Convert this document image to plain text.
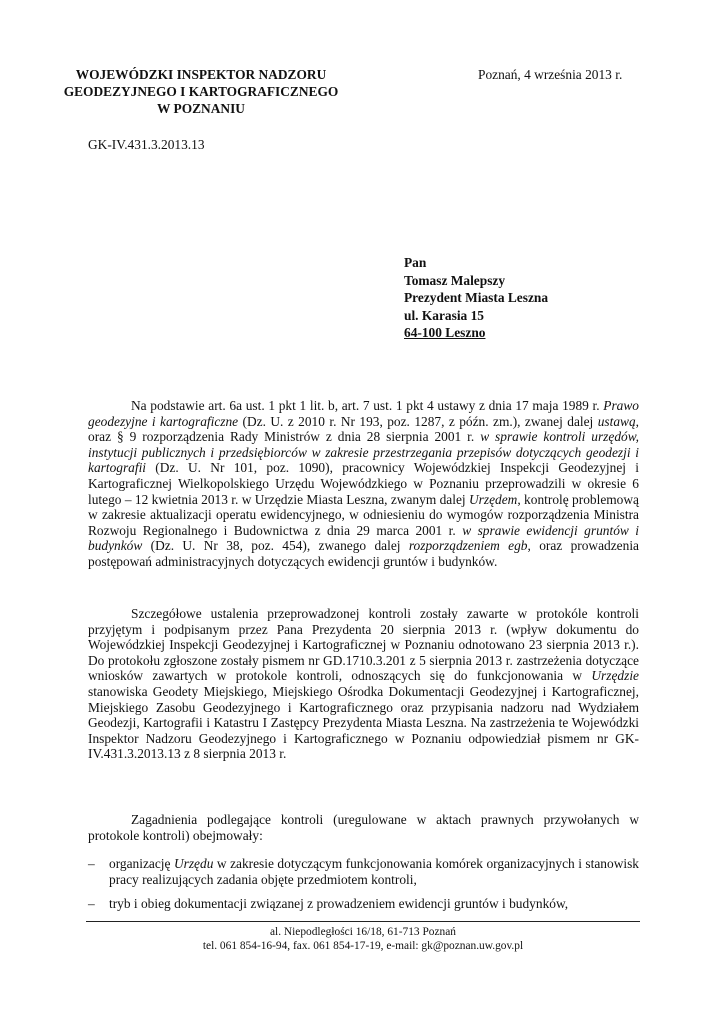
WOJEWÓDZKI INSPEKTOR NADZORU
GEODEZYJNEGO I KARTOGRAFICZNEGO
W POZNANIU
Poznań, 4 września 2013 r.
GK-IV.431.3.2013.13
Pan
Tomasz Malepszy
Prezydent Miasta Leszna
ul. Karasia 15
64-100 Leszno

Na podstawie art. 6a ust. 1 pkt 1 lit. b, art. 7 ust. 1 pkt 4 ustawy z dnia 17 maja 1989 r. Prawo geodezyjne i kartograficzne (Dz. U. z 2010 r. Nr 193, poz. 1287, z późn. zm.), zwanej dalej ustawą, oraz § 9 rozporządzenia Rady Ministrów z dnia 28 sierpnia 2001 r. w sprawie kontroli urzędów, instytucji publicznych i przedsiębiorców w zakresie przestrzegania przepisów dotyczących geodezji i kartografii (Dz. U. Nr 101, poz. 1090), pracownicy Wojewódzkiej Inspekcji Geodezyjnej i Kartograficznej Wielkopolskiego Urzędu Wojewódzkiego w Poznaniu przeprowadzili w okresie 6 lutego – 12 kwietnia 2013 r. w Urzędzie Miasta Leszna, zwanym dalej Urzędem, kontrolę problemową w zakresie aktualizacji operatu ewidencyjnego, w odniesieniu do wymogów rozporządzenia Ministra Rozwoju Regionalnego i Budownictwa z dnia 29 marca 2001 r. w sprawie ewidencji gruntów i budynków (Dz. U. Nr 38, poz. 454), zwanego dalej rozporządzeniem egb, oraz prowadzenia postępowań administracyjnych dotyczących ewidencji gruntów i budynków.

Szczegółowe ustalenia przeprowadzonej kontroli zostały zawarte w protokóle kontroli przyjętym i podpisanym przez Pana Prezydenta 20 sierpnia 2013 r. (wpływ dokumentu do Wojewódzkiej Inspekcji Geodezyjnej i Kartograficznej w Poznaniu odnotowano 23 sierpnia 2013 r.). Do protokołu zgłoszone zostały pismem nr GD.1710.3.201 z 5 sierpnia 2013 r. zastrzeżenia dotyczące wniosków zawartych w protokole kontroli, odnoszących się do funkcjonowania w Urzędzie stanowiska Geodety Miejskiego, Miejskiego Ośrodka Dokumentacji Geodezyjnej i Kartograficznej, Miejskiego Zasobu Geodezyjnego i Kartograficznego oraz przypisania nadzoru nad Wydziałem Geodezji, Kartografii i Katastru I Zastępcy Prezydenta Miasta Leszna. Na zastrzeżenia te Wojewódzki Inspektor Nadzoru Geodezyjnego i Kartograficznego w Poznaniu odpowiedział pismem nr GK-IV.431.3.2013.13 z 8 sierpnia 2013 r.

Zagadnienia podlegające kontroli (uregulowane w aktach prawnych przywołanych w protokole kontroli) obejmowały:

– organizację Urzędu w zakresie dotyczącym funkcjonowania komórek organizacyjnych i stanowisk pracy realizujących zadania objęte przedmiotem kontroli,
– tryb i obieg dokumentacji związanej z prowadzeniem ewidencji gruntów i budynków,
al. Niepodległości 16/18, 61-713 Poznań
tel. 061 854-16-94, fax. 061 854-17-19, e-mail: gk@poznan.uw.gov.pl
